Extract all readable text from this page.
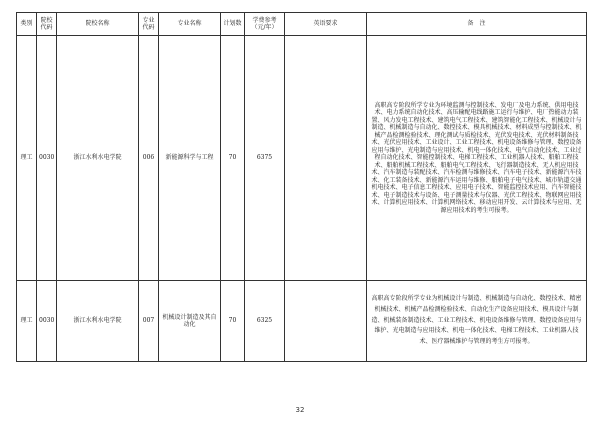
类别	院校代码	院校名称	专业代码	专业名称	计划数	学费参考（元/年）	英语要求	备　注
理工	0030	浙江水利水电学院	006	新能源科学与工程	70	6375		高职高专阶段所学专业为环境监测与控制技术、发电厂及电力系统、供用电技术、电力系统自动化技术、高压输配电线路施工运行与维护、电厂热能动力装置、风力发电工程技术、建筑电气工程技术、建筑智能化工程技术、机械设计与制造、机械制造与自动化、数控技术、模具机械技术、材料成型与控制技术、机械产品检测检验技术、理化测试与质检技术、光伏发电技术、光伏材料制备技术、光伏应用技术、工业设计、工业工程技术、机电设备维修与管理、数控设备应用与维护、光电制造与应用技术、机电一体化技术、电气自动化技术、工业过程自动化技术、智能控制技术、电梯工程技术、工业机器人技术、船舶工程技术、船舶机械工程技术、船舶电气工程技术、飞行器制造技术、无人机应用技术、汽车制造与装配技术、汽车检测与维修技术、汽车电子技术、新能源汽车技术、化工装备技术、新能源汽车运用与维修、船舶电子电气技术、城市轨道交通机电技术、电子信息工程技术、应用电子技术、智能监控技术应用、汽车智能技术、电子制造技术与设备、电子测量技术与仪器、光伏工程技术、物联网应用技术、计算机应用技术、计算机网络技术、移动应用开发、云计算技术与应用、无源应用技术的考生可报考。
理工	0030	浙江水利水电学院	007	机械设计制造及其自动化	70	6325		高职高专阶段所学专业为机械设计与制造、机械制造与自动化、数控技术、精密机械技术、机械产品检测检验技术、自动化生产设备应用技术、模具设计与制造、机械装备制造技术、工业工程技术、机电设备维修与管理、数控设备应用与维护、光电制造与应用技术、机电一体化技术、电梯工程技术、工业机器人技术、医疗器械维护与管理的考生方可报考。
32
